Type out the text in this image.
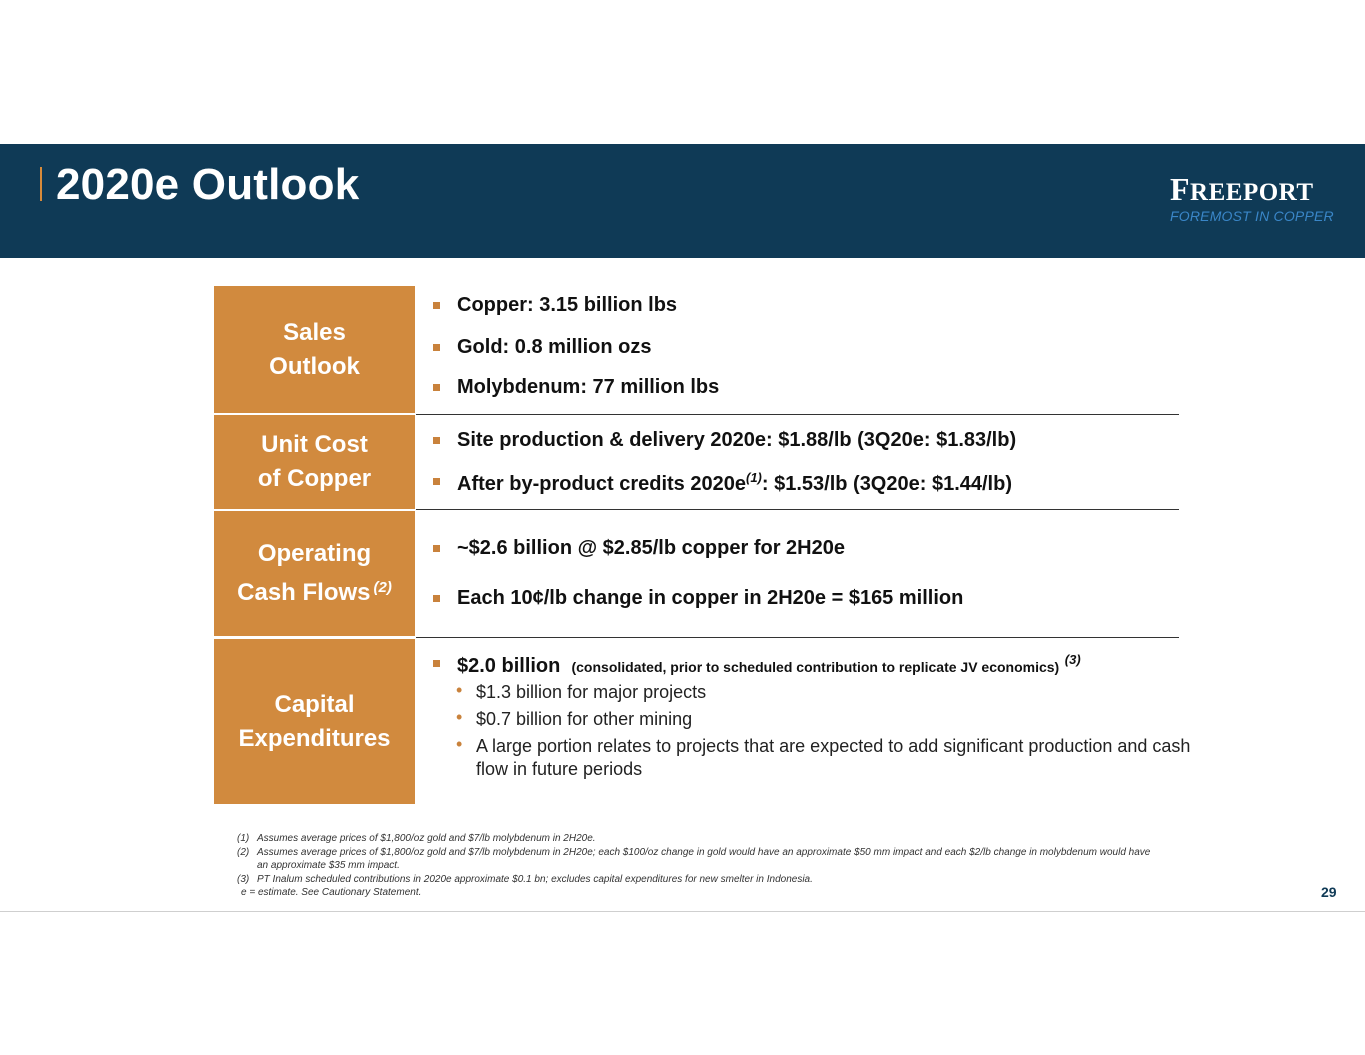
2020e Outlook	FREEPORT
FOREMOST IN COPPER
Sales
Outlook
Copper: 3.15 billion lbs
Gold: 0.8 million ozs
Molybdenum: 77 million lbs
Unit Cost
of Copper
Site production & delivery 2020e: $1.88/lb (3Q20e: $1.83/lb)
After by-product credits $2020e^{(1)}$: $1.53/lb (3Q20e: $1.44/lb)
Operating
Cash Flows $^{(2)}$
~$2.6 billion @ $2.85/lb copper for 2H20e
Each 10¢/lb change in copper in 2H20e = $165 million
Capital
Expenditures
$2.0 billion (consolidated, prior to scheduled contribution to replicate JV economics) $^{(3)}$
• $1.3 billion for major projects
• $0.7 billion for other mining
• A large portion relates to projects that are expected to add significant production and cash flow in future periods
(1) Assumes average prices of $1,800/oz gold and $7/lb molybdenum in 2H20e.
(2) Assumes average prices of $1,800/oz gold and $7/lb molybdenum in 2H20e; each $100/oz change in gold would have an approximate $50 mm impact and each $2/lb change in molybdenum would have an approximate $35 mm impact.
(3) PT Inalum scheduled contributions in 2020e approximate $0.1 bn; excludes capital expenditures for new smelter in Indonesia.
e = estimate. See Cautionary Statement.	29
